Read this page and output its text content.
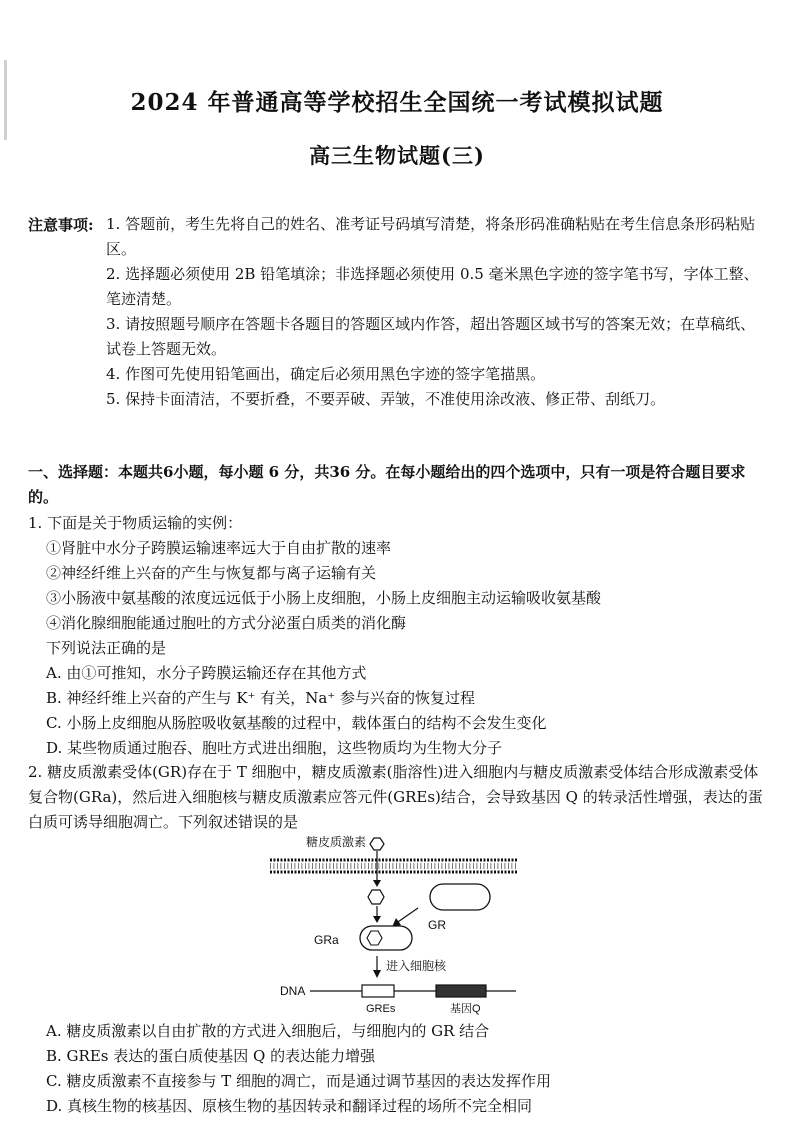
2024 年普通高等学校招生全国统一考试模拟试题
高三生物试题(三)
注意事项: 1. 答题前，考生先将自己的姓名、准考证号码填写清楚，将条形码准确粘贴在考生信息条形码粘贴区。
2. 选择题必须使用 2B 铅笔填涂；非选择题必须使用 0.5 毫米黑色字迹的签字笔书写，字体工整、笔迹清楚。
3. 请按照题号顺序在答题卡各题目的答题区域内作答，超出答题区域书写的答案无效；在草稿纸、试卷上答题无效。
4. 作图可先使用铅笔画出，确定后必须用黑色字迹的签字笔描黑。
5. 保持卡面清洁，不要折叠，不要弄破、弄皱，不准使用涂改液、修正带、刮纸刀。
一、选择题：本题共6小题，每小题 6 分，共36 分。在每小题给出的四个选项中，只有一项是符合题目要求的。
1. 下面是关于物质运输的实例：
①肾脏中水分子跨膜运输速率远大于自由扩散的速率
②神经纤维上兴奋的产生与恢复都与离子运输有关
③小肠液中氨基酸的浓度远远低于小肠上皮细胞，小肠上皮细胞主动运输吸收氨基酸
④消化腺细胞能通过胞吐的方式分泌蛋白质类的消化酶
下列说法正确的是
A. 由①可推知，水分子跨膜运输还存在其他方式
B. 神经纤维上兴奋的产生与 K⁺ 有关，Na⁺ 参与兴奋的恢复过程
C. 小肠上皮细胞从肠腔吸收氨基酸的过程中，载体蛋白的结构不会发生变化
D. 某些物质通过胞吞、胞吐方式进出细胞，这些物质均为生物大分子
2. 糖皮质激素受体(GR)存在于 T 细胞中，糖皮质激素(脂溶性)进入细胞内与糖皮质激素受体结合形成激素受体复合物(GRa)，然后进入细胞核与糖皮质激素应答元件(GREs)结合，会导致基因 Q 的转录活性增强，表达的蛋白质可诱导细胞凋亡。下列叙述错误的是
糖皮质激素
GR
GRa
进入细胞核
DNA
GREs	基因Q
A. 糖皮质激素以自由扩散的方式进入细胞后，与细胞内的 GR 结合
B. GREs 表达的蛋白质使基因 Q 的表达能力增强
C. 糖皮质激素不直接参与 T 细胞的凋亡，而是通过调节基因的表达发挥作用
D. 真核生物的核基因、原核生物的基因转录和翻译过程的场所不完全相同
